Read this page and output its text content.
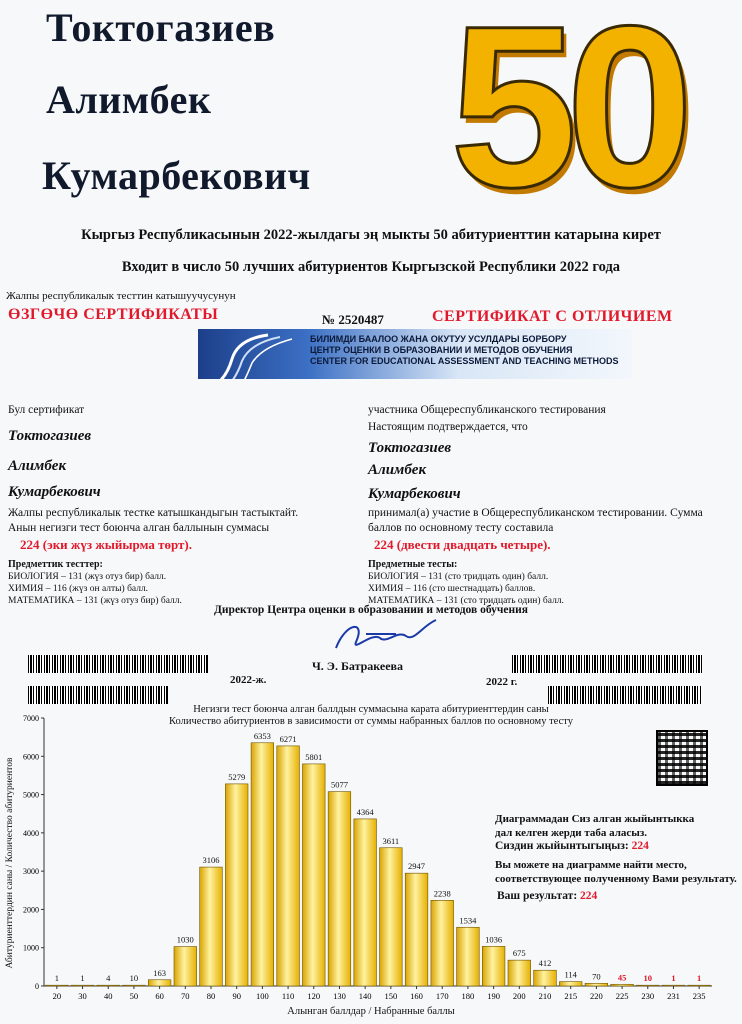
Токтогазиев
Алимбек
Кумарбекович 50
Кыргыз Республикасынын 2022-жылдагы эң мыкты 50 абитуриенттин катарына кирет
Входит в число 50 лучших абитуриентов Кыргызской Республики 2022 года
Жалпы республикалык тесттин катышуучусунун
ӨЗГӨЧӨ СЕРТИФИКАТЫ	№ 2520487	СЕРТИФИКАТ С ОТЛИЧИЕМ
БИЛИМДИ БААЛОО ЖАНА ОКУТУУ УСУЛДАРЫ БОРБОРУ
ЦЕНТР ОЦЕНКИ В ОБРАЗОВАНИИ И МЕТОДОВ ОБУЧЕНИЯ
CENTER FOR EDUCATIONAL ASSESSMENT AND TEACHING METHODS
Бул сертификат
Токтогазиев
Алимбек
Кумарбекович
Жалпы республикалык тестке катышкандыгын тастыктайт.
Анын негизги тест боюнча алган баллынын суммасы
224 (эки жүз жыйырма төрт).
Предметтик тесттер:
БИОЛОГИЯ – 131 (жүз отуз бир) балл.
ХИМИЯ – 116 (жүз он алты) балл.
МАТЕМАТИКА – 131 (жүз отуз бир) балл.
участника Общереспубликанского тестирования
Настоящим подтверждается, что
Токтогазиев
Алимбек
Кумарбекович
принимал(а) участие в Общереспубликанском тестировании. Сумма
баллов по основному тесту составила
224 (двести двадцать четыре).
Предметные тесты:
БИОЛОГИЯ – 131 (сто тридцать один) балл.
ХИМИЯ – 116 (сто шестнадцать) баллов.
МАТЕМАТИКА – 131 (сто тридцать один) балл.
Директор Центра оценки в образовании и методов обучения
Ч. Э. Батракеева
2022-ж.	2022 г.
Негизги тест боюнча алган баллдын суммасына карата абитуриенттердин саны
Количество абитуриентов в зависимости от суммы набранных баллов по основному тесту
0
1000
2000
3000
4000
5000
6000
7000
1
20
1
30
4
40
10
50
163
60
1030
70
3106
80
5279
90
6353
100
6271
110
5801
120
5077
130
4364
140
3611
150
2947
160
2238
170
1534
180
1036
190
675
200
412
210
114
215
70
220
45
225
10
230
1
231
1
235
Алынган баллдар / Набранные баллы
Абитуриенттердин саны / Количество абитуриентов	Диаграммадан Сиз алган жыйынтыкка
дал келген жерди таба аласыз.
Сиздин жыйынтыгыңыз: 224
Вы можете на диаграмме найти место,
соответствующее полученному Вами результату.
Ваш результат: 224
